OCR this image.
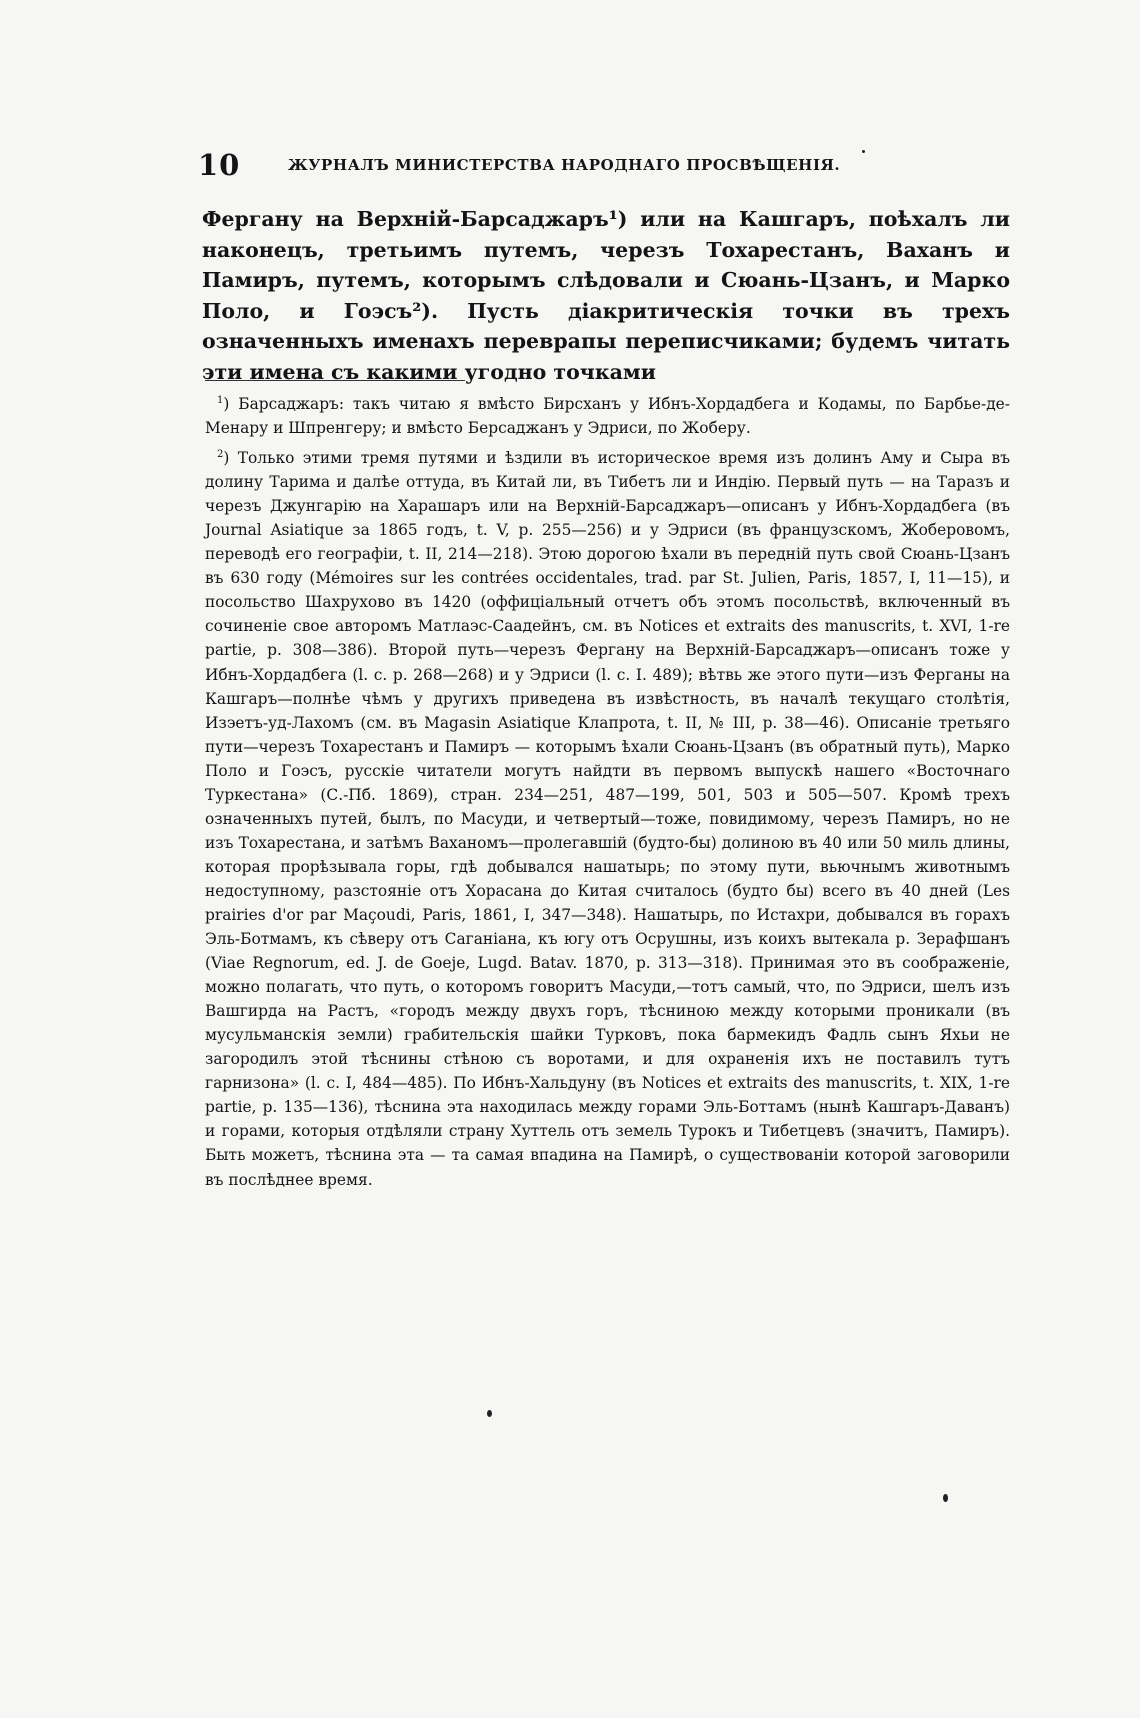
10	ЖУРНАЛЪ МИНИСТЕРСТВА НАРОДНАГО ПРОСВѢЩЕНІЯ.

Фергану на Верхній-Барсаджаръ¹) или на Кашгаръ, поѣхалъ ли наконецъ, третьимъ путемъ, черезъ Тохарестанъ, Ваханъ и Памиръ, путемъ, которымъ слѣдовали и Сюань-Цзанъ, и Марко Поло, и Гоэсъ²). Пусть діакритическія точки въ трехъ означенныхъ именахъ переврапы переписчиками; будемъ читать эти имена съ какими угодно точками

$^1$) Барсаджаръ: такъ читаю я вмѣсто Бирсханъ у Ибнъ-Хордадбега и Кодамы, по Барбье-де-Менару и Шпренгеру; и вмѣсто Берсаджанъ у Эдриси, по Жоберу.

$^2$) Только этими тремя путями и ѣздили въ историческое время изъ долинъ Аму и Сыра въ долину Тарима и далѣе оттуда, въ Китай ли, въ Тибетъ ли и Индію. Первый путь — на Таразъ и черезъ Джунгарію на Харашаръ или на Верхній-Барсаджаръ—описанъ у Ибнъ-Хордадбега (въ Journal Asiatique за 1865 годъ, t. V, p. 255—256) и у Эдриси (въ французскомъ, Жоберовомъ, переводѣ его географіи, t. II, 214—218). Этою дорогою ѣхали въ передній путь свой Сюань-Цзанъ въ 630 году (Mémoires sur les contrées occidentales, trad. par St. Julien, Paris, 1857, I, 11—15), и посольство Шахрухово въ 1420 (оффиціальный отчетъ объ этомъ посольствѣ, включенный въ сочиненіе свое авторомъ Матлаэс-Саадейнъ, см. въ Notices et extraits des manuscrits, t. XVI, 1-re partie, p. 308—386). Второй путь—черезъ Фергану на Верхній-Барсаджаръ—описанъ тоже у Ибнъ-Хордадбега (l. c. p. 268—268) и у Эдриси (l. c. I. 489); вѣтвь же этого пути—изъ Ферганы на Кашгаръ—полнѣе чѣмъ у другихъ приведена въ извѣстность, въ началѣ текущаго столѣтія, Изэетъ-уд-Лахомъ (см. въ Magasin Asiatique Клапрота, t. II, № III, p. 38—46). Описаніе третьяго пути—черезъ Тохарестанъ и Памиръ — которымъ ѣхали Сюань-Цзанъ (въ обратный путь), Марко Поло и Гоэсъ, русскіе читатели могутъ найдти въ первомъ выпускѣ нашего «Восточнаго Туркестана» (С.-Пб. 1869), стран. 234—251, 487—199, 501, 503 и 505—507. Кромѣ трехъ означенныхъ путей, былъ, по Масуди, и четвертый—тоже, повидимому, черезъ Памиръ, но не изъ Тохарестана, и затѣмъ Ваханомъ—пролегавшій (будто-бы) долиною въ 40 или 50 миль длины, которая прорѣзывала горы, гдѣ добывался нашатырь; по этому пути, вьючнымъ животнымъ недоступному, разстояніе отъ Хорасана до Китая считалось (будто бы) всего въ 40 дней (Les prairies d'or par Maçoudi, Paris, 1861, I, 347—348). Нашатырь, по Истахри, добывался въ горахъ Эль-Ботмамъ, къ сѣверу отъ Саганіана, къ югу отъ Осрушны, изъ коихъ вытекала р. Зерафшанъ (Viae Regnorum, ed. J. de Goeje, Lugd. Batav. 1870, p. 313—318). Принимая это въ соображеніе, можно полагать, что путь, о которомъ говоритъ Масуди,—тотъ самый, что, по Эдриси, шелъ изъ Вашгирда на Растъ, «городъ между двухъ горъ, тѣсниною между которыми проникали (въ мусульманскія земли) грабительскія шайки Турковъ, пока бармекидъ Фадль сынъ Яхьи не загородилъ этой тѣснины стѣною съ воротами, и для охраненія ихъ не поставилъ тутъ гарнизона» (l. c. I, 484—485). По Ибнъ-Хальдуну (въ Notices et extraits des manuscrits, t. XIX, 1-re partie, p. 135—136), тѣснина эта находилась между горами Эль-Боттамъ (нынѣ Кашгаръ-Даванъ) и горами, которыя отдѣляли страну Хуттель отъ земель Турокъ и Тибетцевъ (значитъ, Памиръ). Быть можетъ, тѣснина эта — та самая впадина на Памирѣ, о существованіи которой заговорили въ послѣднее время.
